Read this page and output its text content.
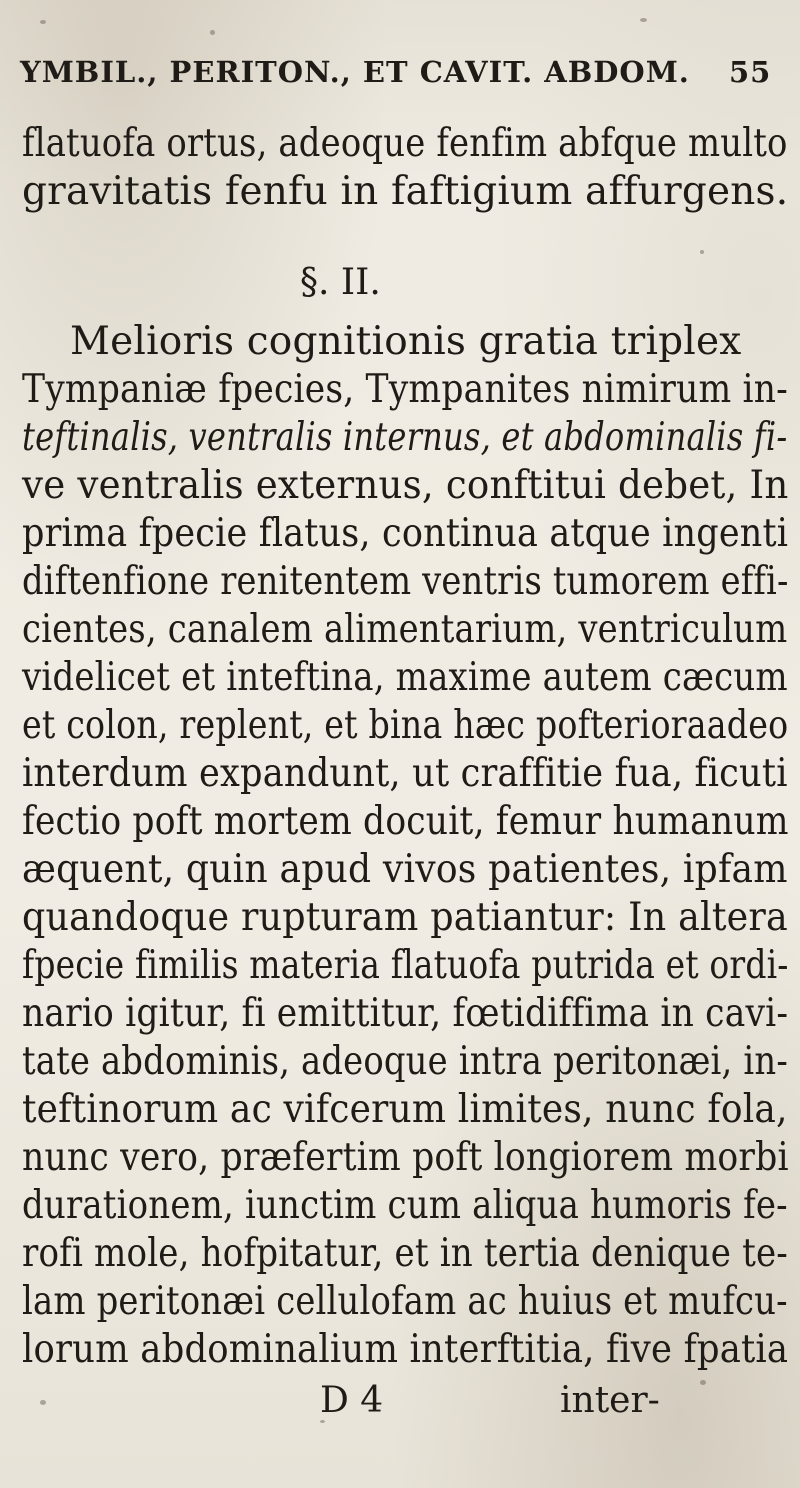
YMBIL., PERITON., ET CAVIT. ABDOM. 55
flatuofa ortus, adeoque fenfim abfque multo
gravitatis fenfu in faftigium affurgens.
§. II.
Melioris cognitionis gratia triplex
Tympaniæ fpecies, Tympanites nimirum in-
teftinalis, ventralis internus, et abdominalis fi-
ve ventralis externus, conftitui debet, In
prima fpecie flatus, continua atque ingenti
diftenfione renitentem ventris tumorem effi-
cientes, canalem alimentarium, ventriculum
videlicet et inteftina, maxime autem cæcum
et colon, replent, et bina hæc pofterioraadeo
interdum expandunt, ut craffitie fua, ficuti
fectio poft mortem docuit, femur humanum
æquent, quin apud vivos patientes, ipfam
quandoque rupturam patiantur: In altera
fpecie fimilis materia flatuofa putrida et ordi-
nario igitur, fi emittitur, fœtidiffima in cavi-
tate abdominis, adeoque intra peritonæi, in-
teftinorum ac vifcerum limites, nunc fola,
nunc vero, præfertim poft longiorem morbi
durationem, iunctim cum aliqua humoris fe-
rofi mole, hofpitatur, et in tertia denique te-
lam peritonæi cellulofam ac huius et mufcu-
lorum abdominalium interftitia, five fpatia
D 4	inter-
